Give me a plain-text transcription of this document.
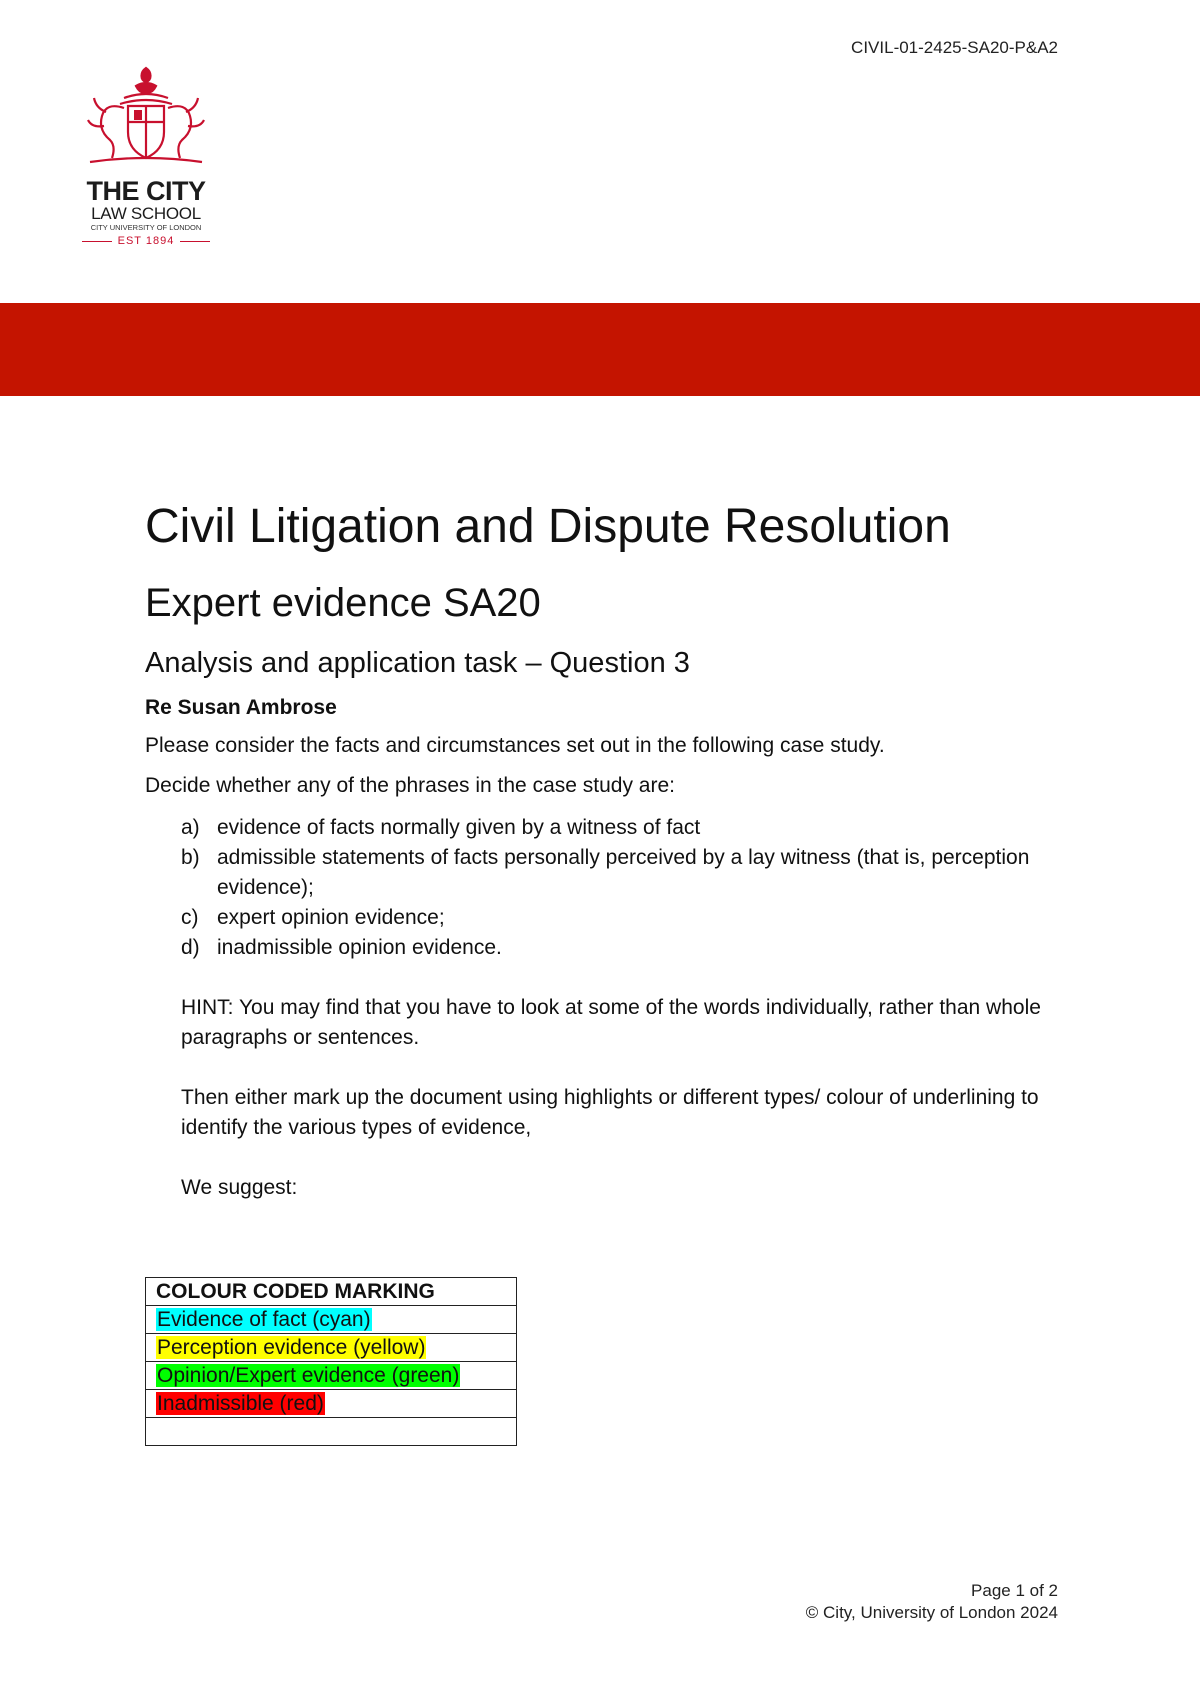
CIVIL-01-2425-SA20-P&A2
THE CITY
LAW SCHOOL
CITY UNIVERSITY OF LONDON
EST 1894
Civil Litigation and Dispute Resolution
Expert evidence SA20
Analysis and application task – Question 3
Re Susan Ambrose
Please consider the facts and circumstances set out in the following case study.
Decide whether any of the phrases in the case study are:
a) evidence of facts normally given by a witness of fact
b) admissible statements of facts personally perceived by a lay witness (that is, perception evidence);
c) expert opinion evidence;
d) inadmissible opinion evidence.
HINT: You may find that you have to look at some of the words individually, rather than whole paragraphs or sentences.
Then either mark up the document using highlights or different types/ colour of underlining to identify the various types of evidence,
We suggest:
COLOUR CODED MARKING
Evidence of fact (cyan)
Perception evidence (yellow)
Opinion/Expert evidence (green)
Inadmissible (red)

Page 1 of 2
© City, University of London 2024
